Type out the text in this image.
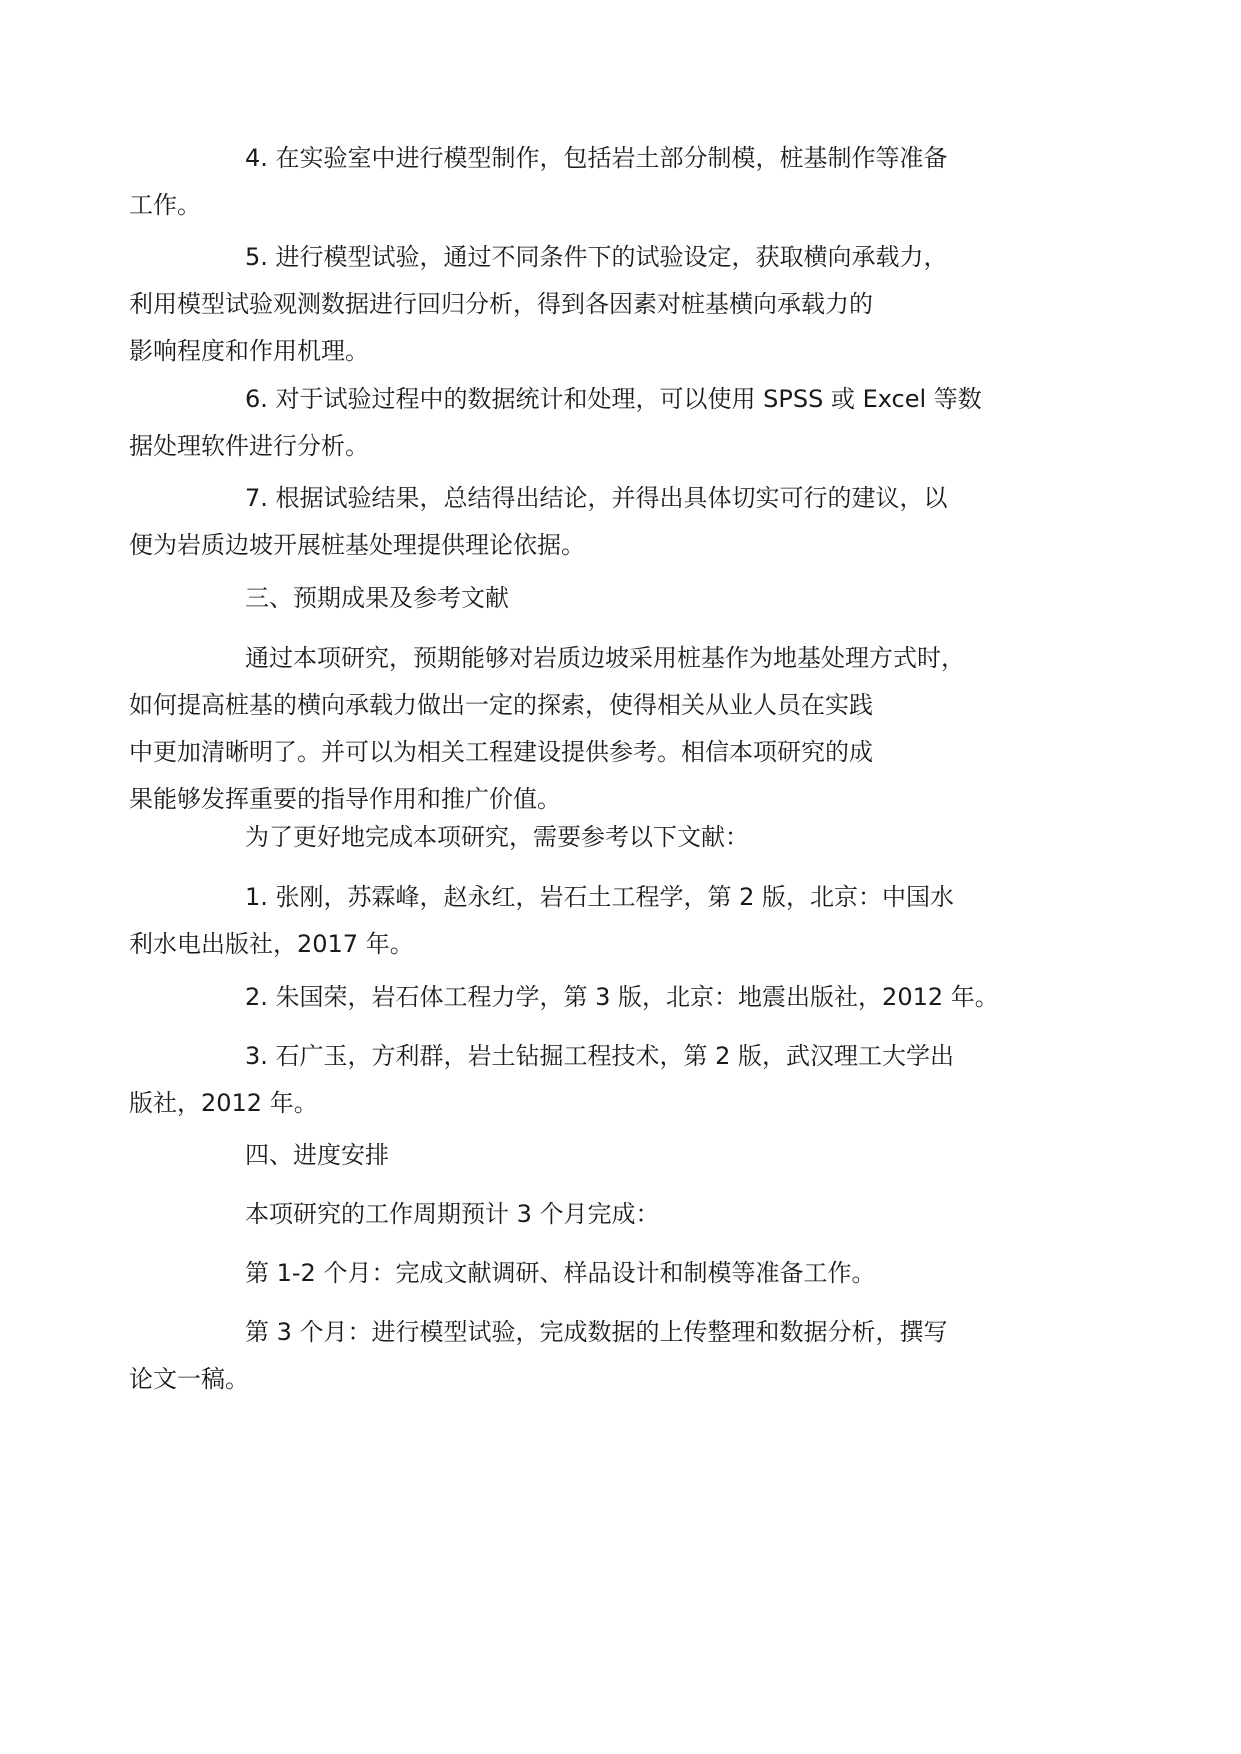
4. 在实验室中进行模型制作，包括岩土部分制模，桩基制作等准备
工作。

5. 进行模型试验，通过不同条件下的试验设定，获取横向承载力，
利用模型试验观测数据进行回归分析，得到各因素对桩基横向承载力的
影响程度和作用机理。

6. 对于试验过程中的数据统计和处理，可以使用 SPSS 或 Excel 等数
据处理软件进行分析。

7. 根据试验结果，总结得出结论，并得出具体切实可行的建议，以
便为岩质边坡开展桩基处理提供理论依据。

三、预期成果及参考文献

通过本项研究，预期能够对岩质边坡采用桩基作为地基处理方式时，
如何提高桩基的横向承载力做出一定的探索，使得相关从业人员在实践
中更加清晰明了。并可以为相关工程建设提供参考。相信本项研究的成
果能够发挥重要的指导作用和推广价值。

为了更好地完成本项研究，需要参考以下文献：

1. 张刚，苏霖峰，赵永红，岩石土工程学，第 2 版，北京：中国水
利水电出版社，2017 年。

2. 朱国荣，岩石体工程力学，第 3 版，北京：地震出版社，2012 年。

3. 石广玉，方利群，岩土钻掘工程技术，第 2 版，武汉理工大学出
版社，2012 年。

四、进度安排

本项研究的工作周期预计 3 个月完成：

第 1-2 个月：完成文献调研、样品设计和制模等准备工作。

第 3 个月：进行模型试验，完成数据的上传整理和数据分析，撰写
论文一稿。
